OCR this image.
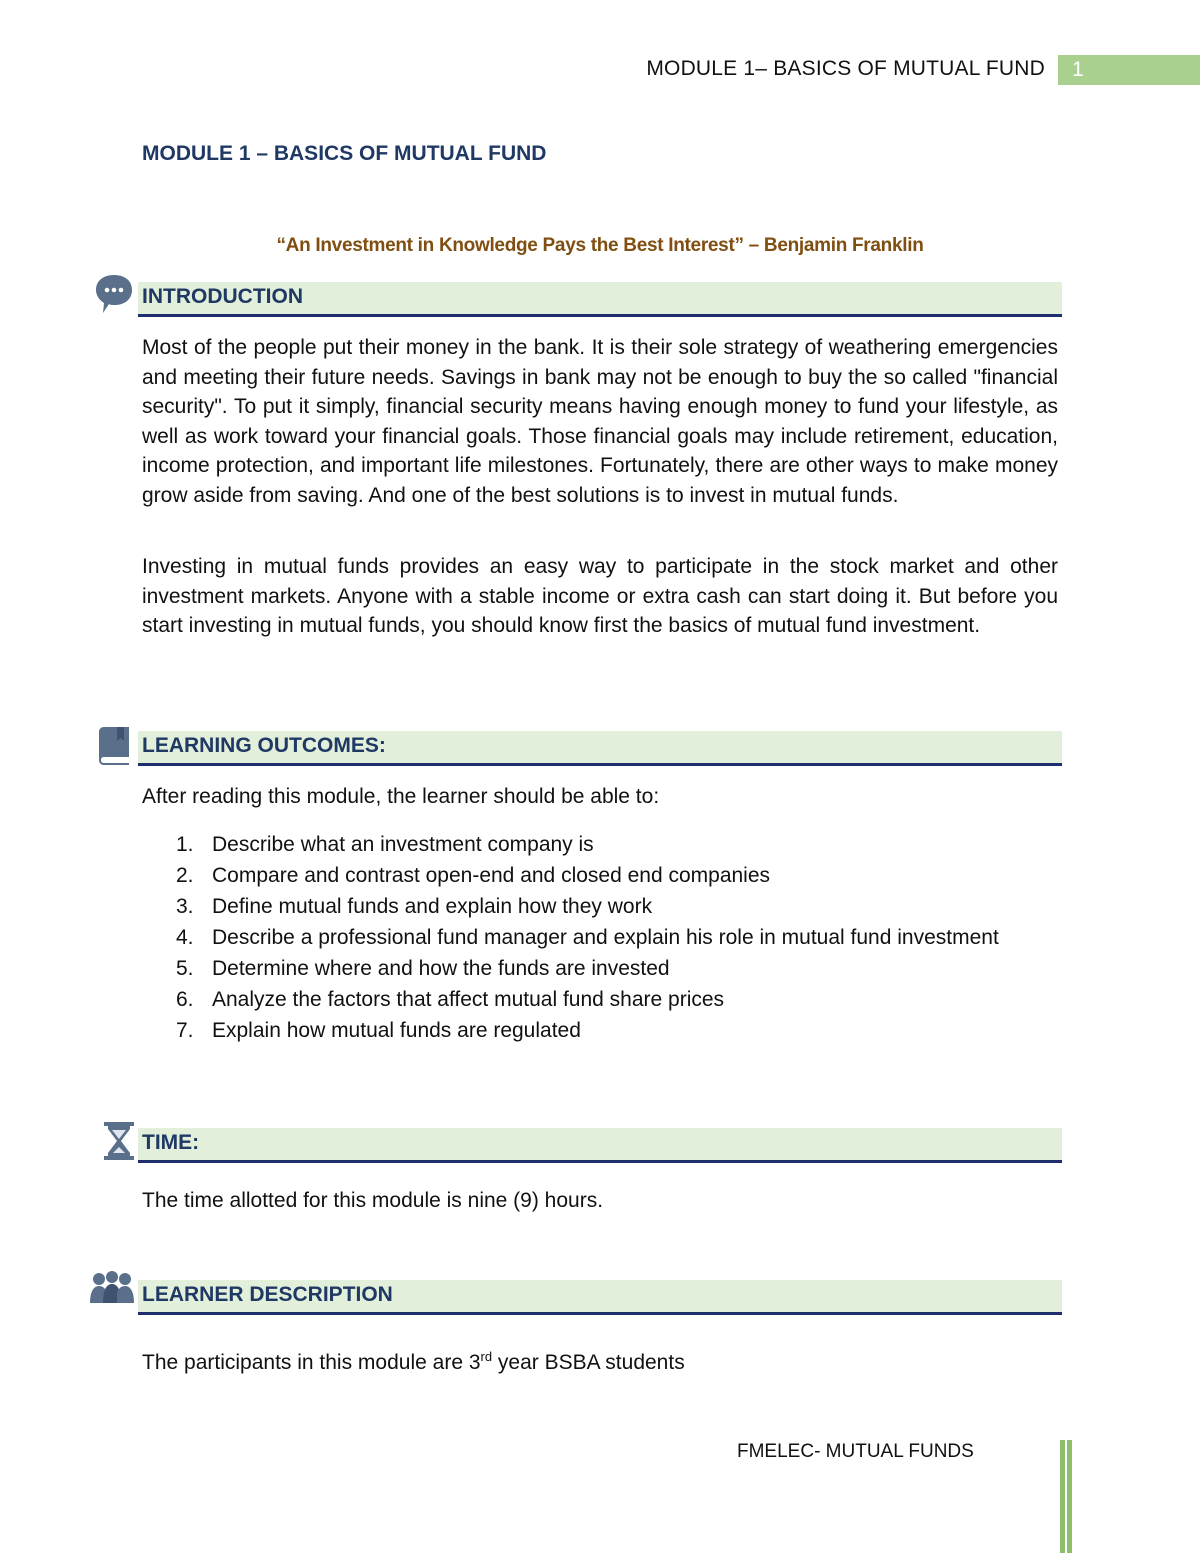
MODULE 1– BASICS OF MUTUAL FUND	1
MODULE 1 – BASICS OF MUTUAL FUND
“An Investment in Knowledge Pays the Best Interest” – Benjamin Franklin
INTRODUCTION

Most of the people put their money in the bank. It is their sole strategy of weathering emergencies and meeting their future needs. Savings in bank may not be enough to buy the so called "financial security". To put it simply, financial security means having enough money to fund your lifestyle, as well as work toward your financial goals. Those financial goals may include retirement, education, income protection, and important life milestones. Fortunately, there are other ways to make money grow aside from saving. And one of the best solutions is to invest in mutual funds.

Investing in mutual funds provides an easy way to participate in the stock market and other investment markets. Anyone with a stable income or extra cash can start doing it. But before you start investing in mutual funds, you should know first the basics of mutual fund investment.

LEARNING OUTCOMES:
After reading this module, the learner should be able to:
1. Describe what an investment company is
2. Compare and contrast open-end and closed end companies
3. Define mutual funds and explain how they work
4. Describe a professional fund manager and explain his role in mutual fund investment
5. Determine where and how the funds are invested
6. Analyze the factors that affect mutual fund share prices
7. Explain how mutual funds are regulated
TIME:
The time allotted for this module is nine (9) hours.
LEARNER DESCRIPTION
The participants in this module are 3rd year BSBA students
FMELEC- MUTUAL FUNDS
